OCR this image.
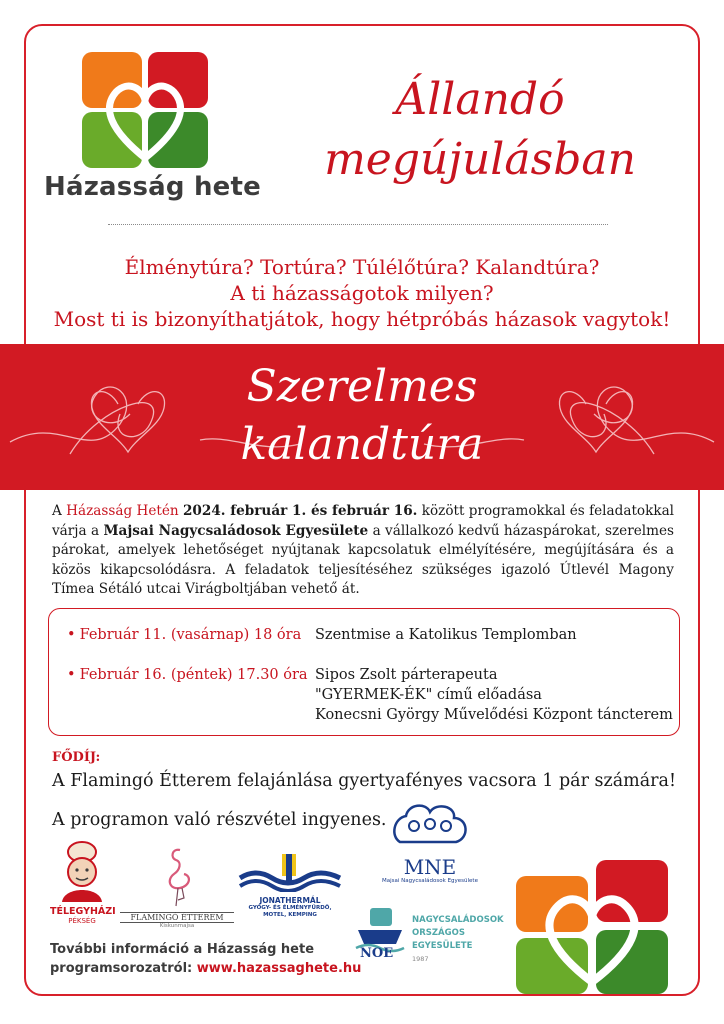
Házasság hete
Állandó
megújulásban
Élménytúra? Tortúra? Túlélőtúra? Kalandtúra?
A ti házasságotok milyen?
Most ti is bizonyíthatjátok, hogy hétpróbás házasok vagytok!
Szerelmes
kalandtúra
A Házasság Hetén 2024. február 1. és február 16. között programokkal és feladatokkal várja a Majsai Nagycsaládosok Egyesülete a vállalkozó kedvű házaspárokat, szerelmes párokat, amelyek lehetőséget nyújtanak kapcsolatuk elmélyítésére, megújítására és a közös kikapcsolódásra. A feladatok teljesítéséhez szükséges igazoló Útlevél Magony Tímea Sétáló utcai Virágboltjában vehető át.
• Február 11. (vasárnap) 18 óra Szentmise a Katolikus Templomban
• Február 16. (péntek) 17.30 óra Sipos Zsolt párterapeuta
"GYERMEK-ÉK" című előadása
Konecsni György Művelődési Központ táncterem
FŐDÍJ:
A Flamingó Étterem felajánlása gyertyafényes vacsora 1 pár számára!
A programon való részvétel ingyenes.
TÉLEGYHÁZI
PÉKSÉG	FLAMINGÓ ÉTTEREM
Kiskunmajsa
JONATHERMÁL
GYÓGY- ÉS ÉLMÉNYFÜRDŐ,
MOTEL, KEMPING
MNE
Majsai Nagycsaládosok Egyesülete
NOE
NAGYCSALÁDOSOK
ORSZÁGOS
EGYESÜLETE
1987
További információ a Házasság hete
programsorozatról: www.hazassaghete.hu
